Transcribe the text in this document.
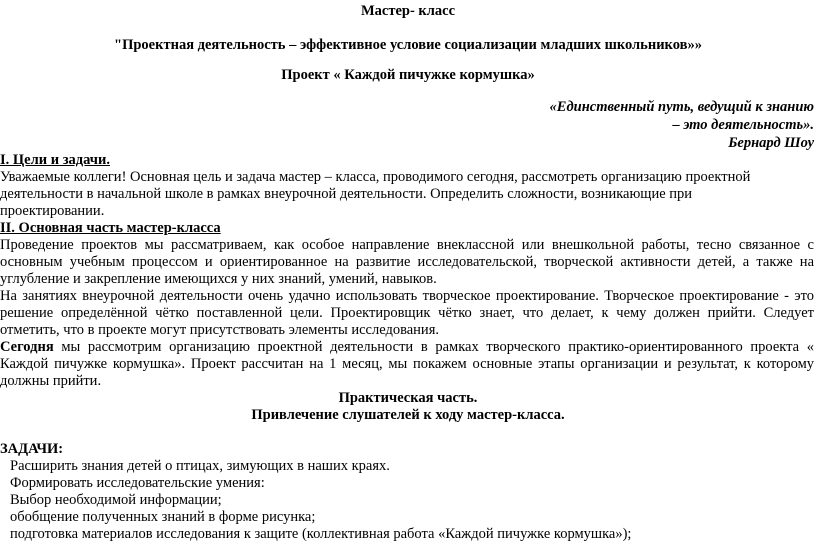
Мастер- класс
"Проектная деятельность – эффективное условие социализации младших школьников»»
Проект « Каждой пичужке кормушка»
«Единственный путь, ведущий к знанию
– это деятельность».
Бернард Шоу
I. Цели и задачи.
Уважаемые коллеги! Основная цель и задача мастер – класса, проводимого сегодня, рассмотреть организацию проектной
деятельности в начальной школе в рамках внеурочной деятельности. Определить сложности, возникающие при
проектировании.
II. Основная часть мастер-класса
Проведение проектов мы рассматриваем, как особое направление внеклассной или внешкольной работы, тесно связанное с
основным учебным процессом и ориентированное на развитие исследовательской, творческой активности детей, а также на
углубление и закрепление имеющихся у них знаний, умений, навыков.
На занятиях внеурочной деятельности очень удачно использовать творческое проектирование. Творческое проектирование - это
решение определённой чётко поставленной цели. Проектировщик чётко знает, что делает, к чему должен прийти. Следует
отметить, что в проекте могут присутствовать элементы исследования.
Сегодня мы рассмотрим организацию проектной деятельности в рамках творческого практико-ориентированного проекта «
Каждой пичужке кормушка». Проект рассчитан на 1 месяц, мы покажем основные этапы организации и результат, к которому
должны прийти.
Практическая часть.
Привлечение слушателей к ходу мастер-класса.
ЗАДАЧИ:
Расширить знания детей о птицах, зимующих в наших краях.
Формировать исследовательские умения:
Выбор необходимой информации;
обобщение полученных знаний в форме рисунка;
подготовка материалов исследования к защите (коллективная работа «Каждой пичужке кормушка»);
